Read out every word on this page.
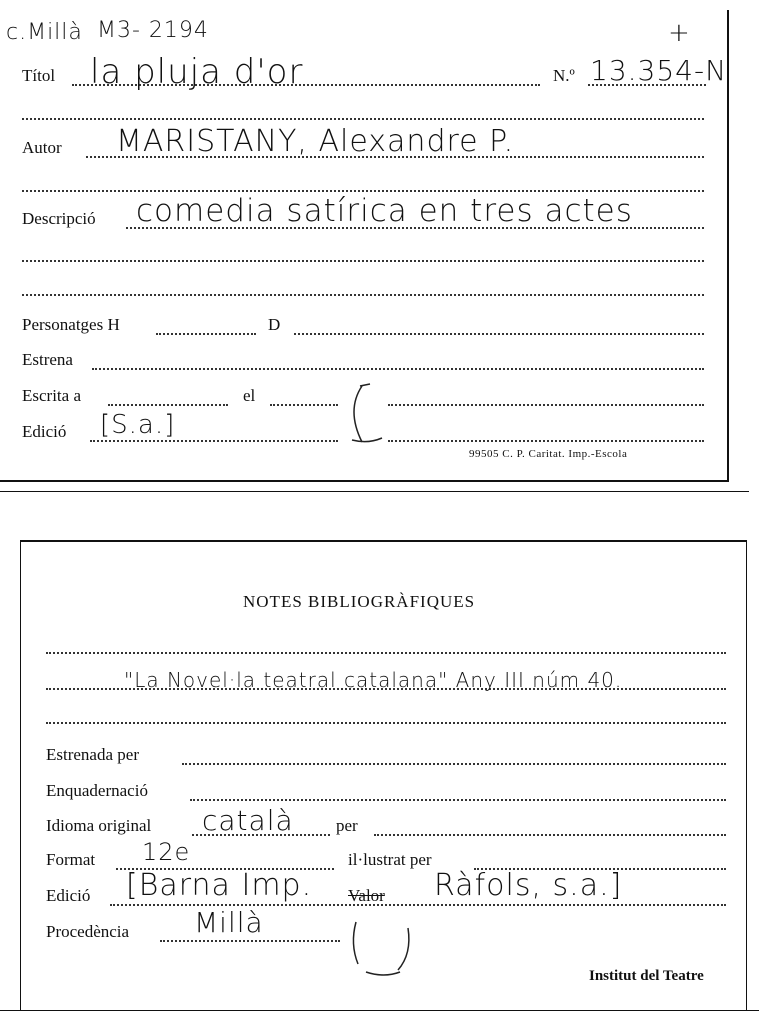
c.Millà M3- 2194	+
Títol la pluja d'or	N.º 13.354-N
Autor MARISTANY, Alexandre P.
Descripció comedia satírica en tres actes
Personatges H	D
Estrena
Escrita a	el
Edició [S.a.]
99505 C. P. Caritat. Imp.-Escola
NOTES BIBLIOGRÀFIQUES
"La Novel·la teatral catalana" Any III núm 40.
Estrenada per
Enquadernació
Idioma original català per
Format 12e	il·lustrat per
Edició [Barna Imp. Valor Ràfols, s.a.]
Procedència Millà
Institut del Teatre
